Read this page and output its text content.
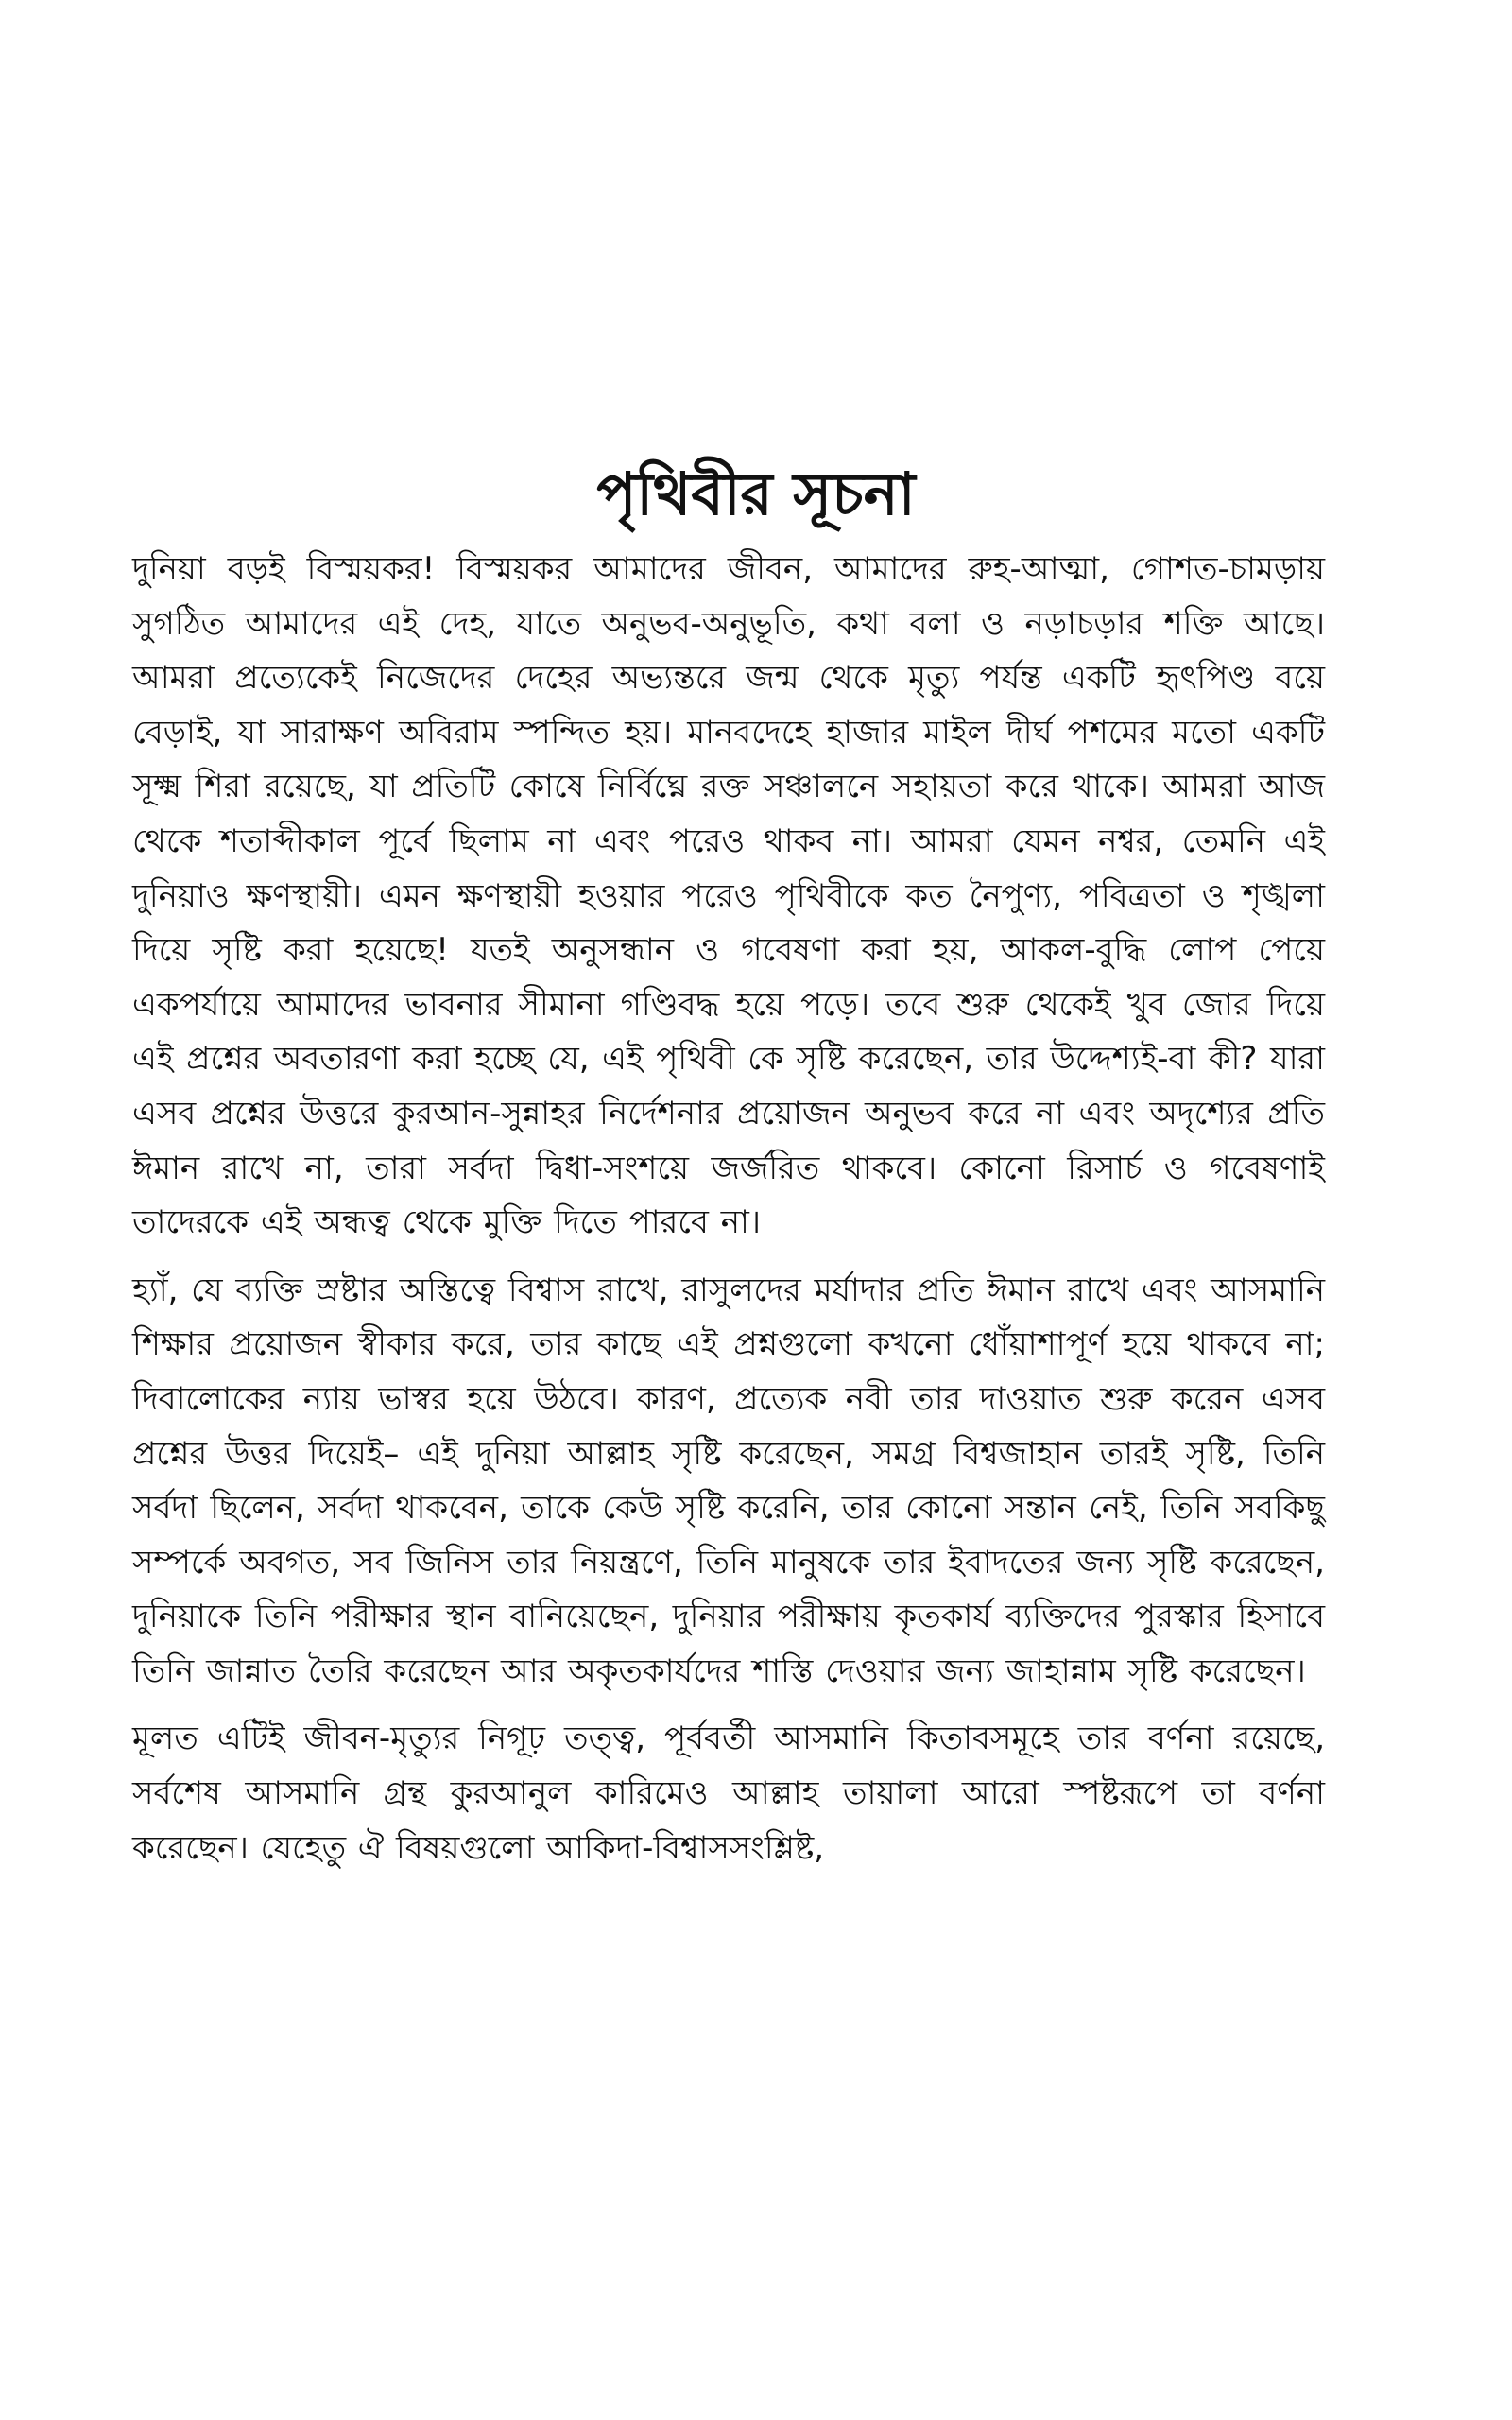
পৃথিবীর সূচনা

দুনিয়া বড়ই বিস্ময়কর! বিস্ময়কর আমাদের জীবন, আমাদের রুহ-আত্মা, গোশত-চামড়ায় সুগঠিত আমাদের এই দেহ, যাতে অনুভব-অনুভূতি, কথা বলা ও নড়াচড়ার শক্তি আছে। আমরা প্রত্যেকেই নিজেদের দেহের অভ্যন্তরে জন্ম থেকে মৃত্যু পর্যন্ত একটি হৃৎপিণ্ড বয়ে বেড়াই, যা সারাক্ষণ অবিরাম স্পন্দিত হয়। মানবদেহে হাজার মাইল দীর্ঘ পশমের মতো একটি সূক্ষ্ম শিরা রয়েছে, যা প্রতিটি কোষে নির্বিঘ্নে রক্ত সঞ্চালনে সহায়তা করে থাকে। আমরা আজ থেকে শতাব্দীকাল পূর্বে ছিলাম না এবং পরেও থাকব না। আমরা যেমন নশ্বর, তেমনি এই দুনিয়াও ক্ষণস্থায়ী। এমন ক্ষণস্থায়ী হওয়ার পরেও পৃথিবীকে কত নৈপুণ্য, পবিত্রতা ও শৃঙ্খলা দিয়ে সৃষ্টি করা হয়েছে! যতই অনুসন্ধান ও গবেষণা করা হয়, আকল-বুদ্ধি লোপ পেয়ে একপর্যায়ে আমাদের ভাবনার সীমানা গণ্ডিবদ্ধ হয়ে পড়ে। তবে শুরু থেকেই খুব জোর দিয়ে এই প্রশ্নের অবতারণা করা হচ্ছে যে, এই পৃথিবী কে সৃষ্টি করেছেন, তার উদ্দেশ্যই-বা কী? যারা এসব প্রশ্নের উত্তরে কুরআন-সুন্নাহর নির্দেশনার প্রয়োজন অনুভব করে না এবং অদৃশ্যের প্রতি ঈমান রাখে না, তারা সর্বদা দ্বিধা-সংশয়ে জর্জরিত থাকবে। কোনো রিসার্চ ও গবেষণাই তাদেরকে এই অন্ধত্ব থেকে মুক্তি দিতে পারবে না।

হ্যাঁ, যে ব্যক্তি স্রষ্টার অস্তিত্বে বিশ্বাস রাখে, রাসুলদের মর্যাদার প্রতি ঈমান রাখে এবং আসমানি শিক্ষার প্রয়োজন স্বীকার করে, তার কাছে এই প্রশ্নগুলো কখনো ধোঁয়াশাপূর্ণ হয়ে থাকবে না; দিবালোকের ন্যায় ভাস্বর হয়ে উঠবে। কারণ, প্রত্যেক নবী তার দাওয়াত শুরু করেন এসব প্রশ্নের উত্তর দিয়েই– এই দুনিয়া আল্লাহ সৃষ্টি করেছেন, সমগ্র বিশ্বজাহান তারই সৃষ্টি, তিনি সর্বদা ছিলেন, সর্বদা থাকবেন, তাকে কেউ সৃষ্টি করেনি, তার কোনো সন্তান নেই, তিনি সবকিছু সম্পর্কে অবগত, সব জিনিস তার নিয়ন্ত্রণে, তিনি মানুষকে তার ইবাদতের জন্য সৃষ্টি করেছেন, দুনিয়াকে তিনি পরীক্ষার স্থান বানিয়েছেন, দুনিয়ার পরীক্ষায় কৃতকার্য ব্যক্তিদের পুরস্কার হিসাবে তিনি জান্নাত তৈরি করেছেন আর অকৃতকার্যদের শাস্তি দেওয়ার জন্য জাহান্নাম সৃষ্টি করেছেন।

মূলত এটিই জীবন-মৃত্যুর নিগূঢ় তত্ত্ব, পূর্ববর্তী আসমানি কিতাবসমূহে তার বর্ণনা রয়েছে, সর্বশেষ আসমানি গ্রন্থ কুরআনুল কারিমেও আল্লাহ তায়ালা আরো স্পষ্টরূপে তা বর্ণনা করেছেন। যেহেতু ঐ বিষয়গুলো আকিদা-বিশ্বাসসংশ্লিষ্ট,
